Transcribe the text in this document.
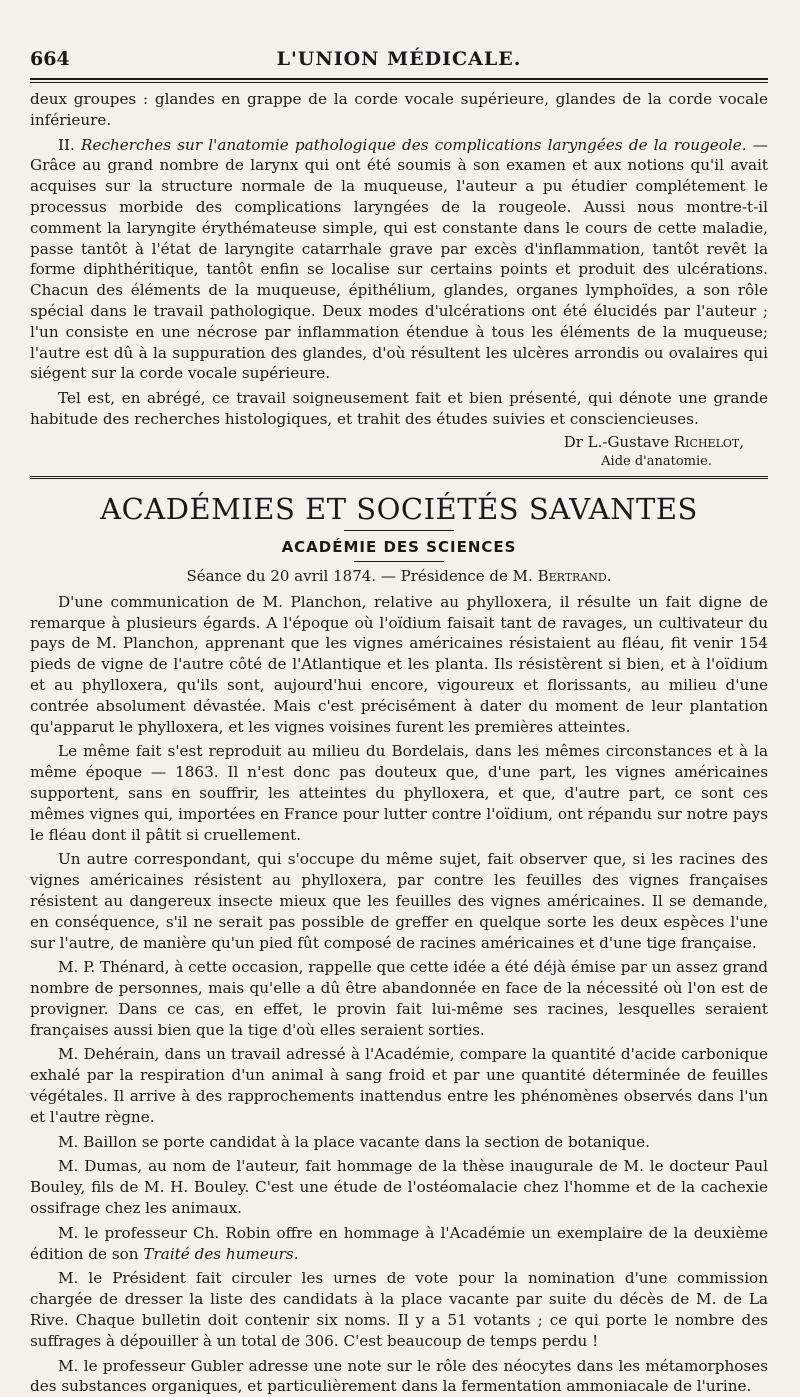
664	L'UNION MÉDICALE.

deux groupes : glandes en grappe de la corde vocale supérieure, glandes de la corde vocale inférieure.

II. Recherches sur l'anatomie pathologique des complications laryngées de la rougeole. — Grâce au grand nombre de larynx qui ont été soumis à son examen et aux notions qu'il avait acquises sur la structure normale de la muqueuse, l'auteur a pu étudier complétement le processus morbide des complications laryngées de la rougeole. Aussi nous montre-t-il comment la laryngite érythémateuse simple, qui est constante dans le cours de cette maladie, passe tantôt à l'état de laryngite catarrhale grave par excès d'inflammation, tantôt revêt la forme diphthéritique, tantôt enfin se localise sur certains points et produit des ulcérations. Chacun des éléments de la muqueuse, épithélium, glandes, organes lymphoïdes, a son rôle spécial dans le travail pathologique. Deux modes d'ulcérations ont été élucidés par l'auteur ; l'un consiste en une nécrose par inflammation étendue à tous les éléments de la muqueuse; l'autre est dû à la suppuration des glandes, d'où résultent les ulcères arrondis ou ovalaires qui siégent sur la corde vocale supérieure.

Tel est, en abrégé, ce travail soigneusement fait et bien présenté, qui dénote une grande habitude des recherches histologiques, et trahit des études suivies et consciencieuses.

Dr L.-Gustave Richelot,
Aide d'anatomie.
ACADÉMIES ET SOCIÉTÉS SAVANTES
ACADÉMIE DES SCIENCES
Séance du 20 avril 1874. — Présidence de M. Bertrand.

D'une communication de M. Planchon, relative au phylloxera, il résulte un fait digne de remarque à plusieurs égards. A l'époque où l'oïdium faisait tant de ravages, un cultivateur du pays de M. Planchon, apprenant que les vignes américaines résistaient au fléau, fit venir 154 pieds de vigne de l'autre côté de l'Atlantique et les planta. Ils résistèrent si bien, et à l'oïdium et au phylloxera, qu'ils sont, aujourd'hui encore, vigoureux et florissants, au milieu d'une contrée absolument dévastée. Mais c'est précisément à dater du moment de leur plantation qu'apparut le phylloxera, et les vignes voisines furent les premières atteintes.

Le même fait s'est reproduit au milieu du Bordelais, dans les mêmes circonstances et à la même époque — 1863. Il n'est donc pas douteux que, d'une part, les vignes américaines supportent, sans en souffrir, les atteintes du phylloxera, et que, d'autre part, ce sont ces mêmes vignes qui, importées en France pour lutter contre l'oïdium, ont répandu sur notre pays le fléau dont il pâtit si cruellement.

Un autre correspondant, qui s'occupe du même sujet, fait observer que, si les racines des vignes américaines résistent au phylloxera, par contre les feuilles des vignes françaises résistent au dangereux insecte mieux que les feuilles des vignes américaines. Il se demande, en conséquence, s'il ne serait pas possible de greffer en quelque sorte les deux espèces l'une sur l'autre, de manière qu'un pied fût composé de racines américaines et d'une tige française.

M. P. Thénard, à cette occasion, rappelle que cette idée a été déjà émise par un assez grand nombre de personnes, mais qu'elle a dû être abandonnée en face de la nécessité où l'on est de provigner. Dans ce cas, en effet, le provin fait lui-même ses racines, lesquelles seraient françaises aussi bien que la tige d'où elles seraient sorties.

M. Dehérain, dans un travail adressé à l'Académie, compare la quantité d'acide carbonique exhalé par la respiration d'un animal à sang froid et par une quantité déterminée de feuilles végétales. Il arrive à des rapprochements inattendus entre les phénomènes observés dans l'un et l'autre règne.

M. Baillon se porte candidat à la place vacante dans la section de botanique.

M. Dumas, au nom de l'auteur, fait hommage de la thèse inaugurale de M. le docteur Paul Bouley, fils de M. H. Bouley. C'est une étude de l'ostéomalacie chez l'homme et de la cachexie ossifrage chez les animaux.

M. le professeur Ch. Robin offre en hommage à l'Académie un exemplaire de la deuxième édition de son Traité des humeurs.

M. le Président fait circuler les urnes de vote pour la nomination d'une commission chargée de dresser la liste des candidats à la place vacante par suite du décès de M. de La Rive. Chaque bulletin doit contenir six noms. Il y a 51 votants ; ce qui porte le nombre des suffrages à dépouiller à un total de 306. C'est beaucoup de temps perdu !

M. le professeur Gubler adresse une note sur le rôle des néocytes dans les métamorphoses des substances organiques, et particulièrement dans la fermentation ammoniacale de l'urine.
